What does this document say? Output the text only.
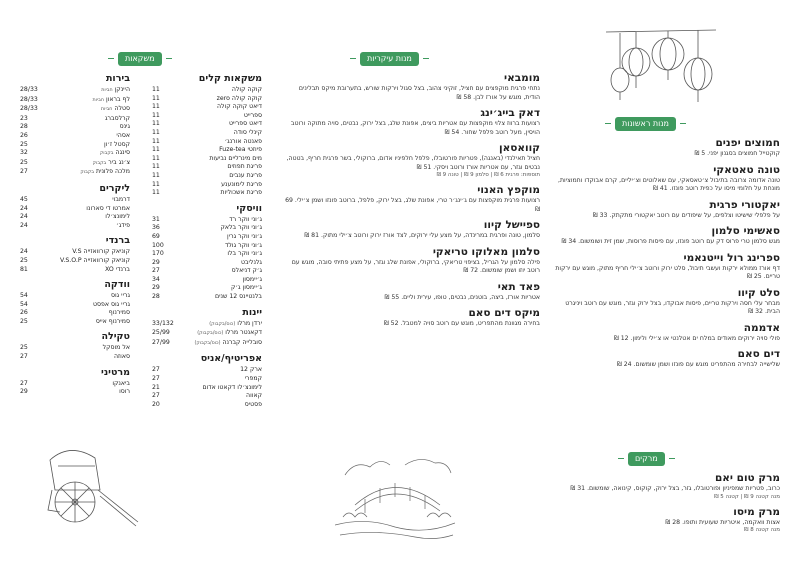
משקאות	מנות עיקריות
מנות ראשונות
מרקים
משקאות קלים
קוקה קולה
11
קוקה קולה zero
11
דיאט קוקה קולה
11
ספרייט
11
דיאט ספרייט
11
קינלי סודה
11
פאנטה אורנג׳
11
פיוזטי Fuze-tea
11
מים מינרליים נביעות
11
פריגת תפוזים
11
פריגת ענבים
11
פריגת לימונענע
11
פריגת אשכוליות
11
וויסקי
ג׳וני ווקר רד
31
ג׳וני ווקר בלאק
36
ג׳וני ווקר גרין
69
ג׳וני ווקר גולד
100
ג׳וני ווקר בלו
170
גלנליבט
29
ג׳ק דניאלס
27
ג׳יימסון
34
ג׳יימסון ג׳ק
29
בלנטיינס 12 שנים
28
יינות
ירדן מרלו (כוס/בקבוק)
33/132
דקאנטר מרלו (כוס/בקבוק)
25/99
סובלייה קברנה (כוס/בקבוק)
27/99
אפריטיף/אניס
ארק 12
27
קמפרי
27
לימונצ׳לו דקאטו אדום
21
קאווה
27
פסטיס
20
בירות
היינקן חביות
28/33
לף בראון חביות
28/33
סטלה חביות
28/33
קרלסברג
23
גינס
28
אסהי
26
קסטל ז׳ון
25
סינגה בקבוק
32
צ׳נג ביר בקבוק
25
מלכה פלונית בקבוק
27
ליקרים
דרמבוי
45
אמרטו די סארונו
24
לימונצ׳לו
24
פידג׳
24
ברנדי
קוניאק קורוואזייה V.S
24
קוניאק קורוואזייה V.S.O.P
25
ברנדי XO
81
וודקה
גריי גוס
54
גריי גוס אפסט
54
סמירנוף
26
סמירנוף אייס
25
טקילה
אל מוסקל
25
סאוזה
27
מרטיני
ביאנקו
27
רוסו
29
מומבאי
נתחי פרגית מוקפצים עם חציל, זוקיני צהוב, בצל סגול וירקות שורש, בתערובת מיקס תבלינים הודית, מוגש על אורז לבן. 58 ₪
דאק בייג׳ינג
רצועות ברווז צלוי מוקפצות עם אטריות ביצים, אפונת שלג, בצל ירוק, נבטים, סויה מתוקה ורוטב הויסין, מעל רוטב פלפל שחור. 54 ₪
קוואסאן
חציל תאילנדי (באנגה), פטריות פורטובלו, פלפל חלפיניו אדום, ברוקולי, בשר פרגית חריף, בטטה, נבטים וגזר, עם אטריות אורז ורוטב ויסקי. 51 ₪
תוספות: פרגית 6 ₪ | סלמון 9 ₪ | טונה 9 ₪
מוקפץ האנוי
רצועות פרגית מוקפצות עם ג׳ינג׳ר טרי, אפונת שלג, בצל ירוק, פלפל, ברוטב פונזו ושמן צ׳ילי. 69 ₪
ספיישל קיוו
סלמון, טונה ופרגית במרינדה, על מצע עלי ירוקים, לצד אורז ירוק ורוטב צ׳ילי מתוק. 81 ₪
סלמון מאלוקו טריאקי
פילה סלמון על הגריל, בציפוי טריאקי, ברוקולי, אפונת שלג וגזר, על מצע פתיתי סובה, מוגש עם רוטב יוזו ושמן שומשום. 72 ₪
פאד תאי
אטריות אורז, ביצה, בוטנים, נבטים, טופו, עירית וליים. 55 ₪
מיקס דים סאם
בחירה מגוונת מהתפריט, מוגש עם רוטב סויה למטבל. 52 ₪
חמוצים יפנים
קוקטייל חמוצים בסגנון יפני. 5 ₪
טונה טאטאקי
טונה אדומה צרובה בתיבול צ׳טאסאקי, עם שאלוטים וצ׳יליים, קרם אבוקדו וחמוציות, מונחת על חלומי מיסו על כפית רוטב פונזו. 41 ₪
יאקטורי פרגית
על פלפלי שישיטו וצלפים, על שיפודים עם רוטב יאקטורי מתקתק. 33 ₪
סאשימי סלמון
מגש סלמון טרי פרוס דק עם רוטב פונזו, עם פיסות פרוסות, שמן זית ושומשום. 34 ₪
ספרינג רול וייטנאמי
דף אורז ממולא ירקות ועשבי תיבול, סלט ירוק ורוטב צ׳ילי חריף מתוק, מוגש עם ירקות טריים. 25 ₪
סלט קיוו
מבחר עלי חסה וירקות טריים, פיסות אבוקדו, בצל ירוק וגזר, מוגש עם רוטב ויניגרט הבית. 32 ₪
אדממה
פולי סויה ירוקים מאודים במלח ים אטלנטי או צ׳ילי ולימון. 12 ₪
דים סאם
שלישייה לבחירה מהתפריט מוגש עם פונזו ושמן שומשום. 24 ₪
מרק טום יאם
כרוב, פטריות שמפיניון ופורטובלו, גזר, בצל ירוק, קוקוס, קינואה, שומשום. 31 ₪
מנה קטנה 9 ₪ | קטנה 5 ₪
מרק מיסו
אצות וואקמה, איטריות שעועית ותופו. 28 ₪
מנה קטנה 8 ₪
